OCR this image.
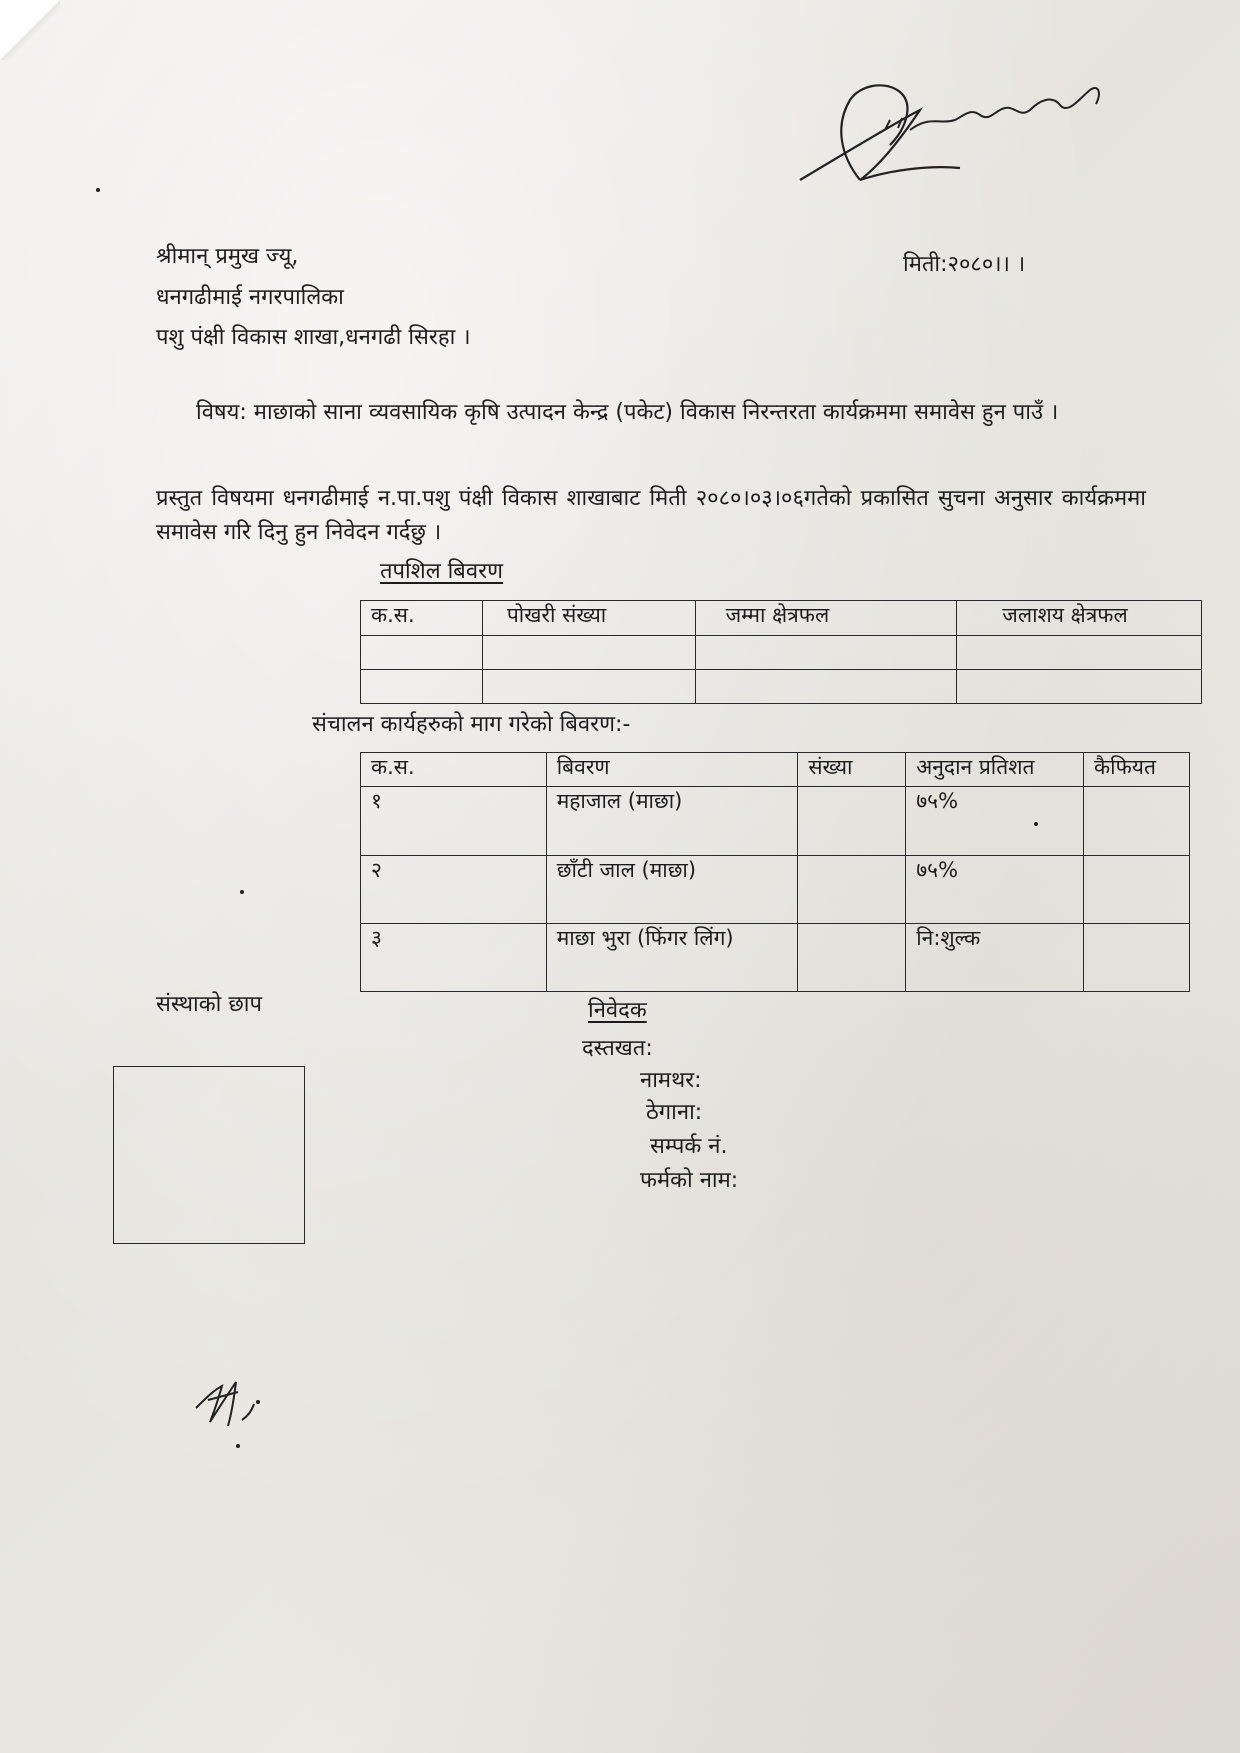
श्रीमान् प्रमुख ज्यू,
धनगढीमाई नगरपालिका
पशु पंक्षी विकास शाखा,धनगढी सिरहा ।
मिती:२०८०।। ।
विषय: माछाको साना व्यवसायिक कृषि उत्पादन केन्द्र (पकेट) विकास निरन्तरता कार्यक्रममा समावेस हुन पाउँ ।
प्रस्तुत विषयमा धनगढीमाई न.पा.पशु पंक्षी विकास शाखाबाट मिती २०८०।०३।०६गतेको प्रकासित सुचना अनुसार कार्यक्रममा समावेस गरि दिनु हुन निवेदन गर्दछु ।
तपशिल बिवरण
क.स.	पोखरी संख्या	जम्मा क्षेत्रफल	जलाशय क्षेत्रफल

संचालन कार्यहरुको माग गरेको बिवरण:-
क.स.	बिवरण	संख्या	अनुदान प्रतिशत	कैफियत
१	महाजाल (माछा)		७५%	
२	छाँटी जाल (माछा)		७५%	
३	माछा भुरा (फिंगर लिंग)		नि:शुल्क	
संस्थाको छाप	निवेदक
दस्तखत:
नामथर:
ठेगाना:
सम्पर्क नं.
फर्मको नाम:
